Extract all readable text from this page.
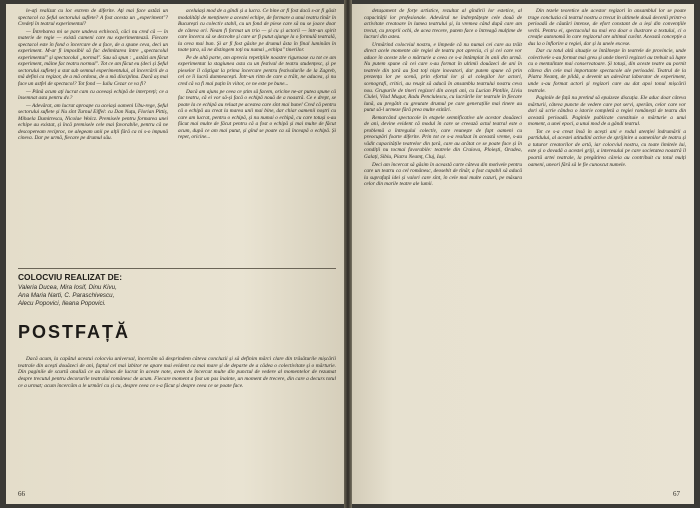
le-ați realizat cu loc extrem de diferite. Ați mai face astăzi un spectacol ca Șeful sectorului suflete? A fost acesta un „experiment"? Credeți în teatrul experimental?

— Întrebarea mi se pare undeva echivocă, căci nu cred că — în materie de regie — există cameni care nu experimentează. Fiecare spectacol este în fond o încercare de a face, de a spune ceva, deci un experiment. M-ar fi imposibil să fac delimitarea între „spectacolul experimental" și spectacolul „normal". Sau să spun : „astăzi am făcut experiment, mâine fac teatru normal". Tot ce am făcut eu (deci și Șeful sectorului suflete) a stat sub semnul experimentului, al încercării de a mă defini ca regizor, de a mă ordona, de a mă disciplina. Dacă aș mai face un astfel de spectacol? Tot fond — Iuliu Cezar ce va fi?

— Până acum ați lucrat cam cu aceeași echipă de interpreți; ce a însemnat asta pentru dv.?

— Adevărat, am lucrat aproape cu aceiași oameni Ubu-rege, Șeful sectorului suflete și Nu sînt Turnul Eiffel: cu Dan Nuțu, Florian Pittiș, Mihaela Dumitrescu, Nicolae Wolcz. Premisele pentru formarea unei echipe au existat, și încă premisele cele mai favorabile, pentru că ne descopeream reciproc, ne alegeam unii pe alții fără ca ni s-o impună cineva. Dar pe urmă, fiecare pe drumul său.

aceluiași mod de a gîndi și a lucra. Ce bine ar fi fost dacă s-ar fi găsit modalități de menținere a acestei echipe, de formare a unui teatru tînăr în București cu colectiv stabil, cu un fond de piese care să nu se joace doar de câteva ori. Neam fi format un trio — și cu și actorii — într-un spirit care încerca să se dezvolte și care ar fi putut ajunge la o formulă teatrală, la ceva mai bun. Și ar fi fost găsite pe drumul ăsta în final luminăm în toate țara, să ne distingem toți nu numai „echipa" tinerilor.

Pe de altă parte, am aprecia repetițiile noastre riguroase cu tot ce am experimentat la stagiunea asta cu un festival de teatru studențesc, și pe pieselor îl câștigat la prima încercare pentru festivalurile de la Zagreb, cel ce îi lucră dumneacești. Într-un ritm de care a trăit, ne aducea, și nu cred că va fi mai puțin în viitor, ce ne este pe bune...

Dacă am ajuns pe ceea ce știm să facem, oricine ne-ar putea spune că fac teatru, că ei vor să-și facă o echipă nouă de a noastră. Ce e drept, se poate la ce echipă au reluat pe acestea care sînt mai bune! Cred că pentru că o echipă au creat la marea unii mai bine, dar chiar oamenii noștri cu care am lucrat, pentru o echipă, și nu numai o echipă, cu care totuși s-au făcut mai multe de făcut pentru că a fost o echipă și mai multe de făcut acum, după ce am mai putut, și gînd se poate ca să înceapă o echipă. Și repet, oricine...

COLOCVIU REALIZAT DE:
Valeria Ducea, Mira Iosif, Dinu Kivu,
Ana Maria Narti, C. Paraschivescu,
Alecu Popovici, Ileana Popovici.
POSTFAȚĂ

Dacă acum, la capătul acestui colocviu universal, încercăm să desprindem câteva concluzii și să definim mărci clare din trăsăturile mișcării teatrale din acești douăzeci de ani, faptul cel mai izbitor ne apare mai evident ca mai mare și de departe de a cădea o colectivitate și o mărturie. Din paginile de scurtă analiză ce au rămas de lucrat în aceste note, avem de încercat multe din punctul de vedere al momentelor de rezumat despre trecutul pentru decorurile teatrului românesc de acum. Fiecare moment a fost un pas înainte, un moment de trecere, din care a decurs totul ce a urmat; acum încercăm a le urmări cu și cu, despre ceea ce s-a făcut și despre ceea ce se poate face.

66

detașament de forțe artistice, rezultat al gîndirii lor estetice, al capacității lor profesionale. Adevărul ne îndreptățește cele două de activitate creatoare în lumea teatrului și, la vremea când după care am trecut, cu proprii ochi, de acea trecere, putem face o întreagă mulțime de lucruri din astea.

Urmărind colocviul nostru, e limpede că nu numai cei care au trăit direct acele momente ale regiei de teatru pot aprecia, ci și cei care vor aduce în aceste zile o mărturie a ceea ce s-a întâmplat în anii din urmă. Nu putem spune că cei care s-au format în ultimii douăzeci de ani în teatrele din țară au fost toți niște inovatori, dar putem spune că prin prezența lor pe scenă, prin efortul lor și al colegilor lor actori, scenografi, critici, au reușit să aducă în ansamblu teatrului nostru ceva nou. Grupurile de tineri regizori din acești ani, cu Lucian Pintilie, Liviu Ciulei, Vlad Mugur, Radu Penciulescu, cu lucrările lor teatrale în fiecare lună, au pregătit cu greutate drumul pe care generațiile mai tinere au putut să-l urmeze fără prea multe ezitări.

Remarcând spectacole în etapele semnificative ale acestor douăzeci de ani, devine evident că modul în care se creează actul teatral este o problemă a întregului colectiv, care reunește de fapt oameni cu preocupări foarte diferite. Prin tot ce s-a realizat în această vreme, s-au vădit capacitățile teatrelor din țară, care au arătat ce se poate face și în condiții nu tocmai favorabile: teatrele din Craiova, Ploiești, Oradea, Galați, Sibiu, Piatra Neamț, Cluj, Iași.

Deci am încercat să găsim în această carte câteva din motivele pentru care un teatru ca cel românesc, deosebit de tînăr, a fost capabil să aducă la suprafață idei și valori care sînt, în cele mai multe cazuri, pe măsura celor din marile teatre ale lumii.

Din tezele teoretice ale acestor regizori în ansamblul lor se poate trage concluzia că teatrul nostru a trecut în ultimele două decenii printr-o perioadă de căutări intense, de efort constant de a ieși din convențiile vechi. Pentru ei, spectacolul nu mai era doar o ilustrare a textului, ci o creație autonomă în care regizorul are ultimul cuvînt. Această concepție a dus la o înflorire a regiei, dar și la unele excese.

Dar cu totul altă situație se întâlnește în teatrele de provincie, unde colectivele s-au format mai greu și unde tinerii regizori au trebuit să lupte cu o mentalitate mai conservatoare. Și totuși, din aceste teatre au pornit câteva din cele mai importante spectacole ale perioadei. Teatrul de la Piatra Neamț, de pildă, a devenit un adevărat laborator de experiment, unde s-au format actori și regizori care au dat apoi tonul mișcării teatrale.

Paginile de față nu pretind să epuizeze discuția. Ele aduc doar câteva mărturii, câteva puncte de vedere care pot servi, sperăm, celor care vor dori să scrie cândva o istorie completă a regiei românești de teatru din această perioadă. Paginile publicate constituie o mărturie a unui moment, a unei epoci, a unui mod de a gândi teatrul.

Tot ce s-a creat însă în acești ani e rodul atenției îndrumării a partidului, al acestei atitudini active de sprijinire a oamenilor de teatru și a tuturor creatorilor de artă, iar colocviul nostru, cu toate limitele lui, este și o dovadă a acestei griji, a interesului pe care societatea noastră îl poartă artei teatrale, la pregătirea căreia au contribuit cu totul mulți oameni, uneori fără să le fie cunoscut numele.

67
